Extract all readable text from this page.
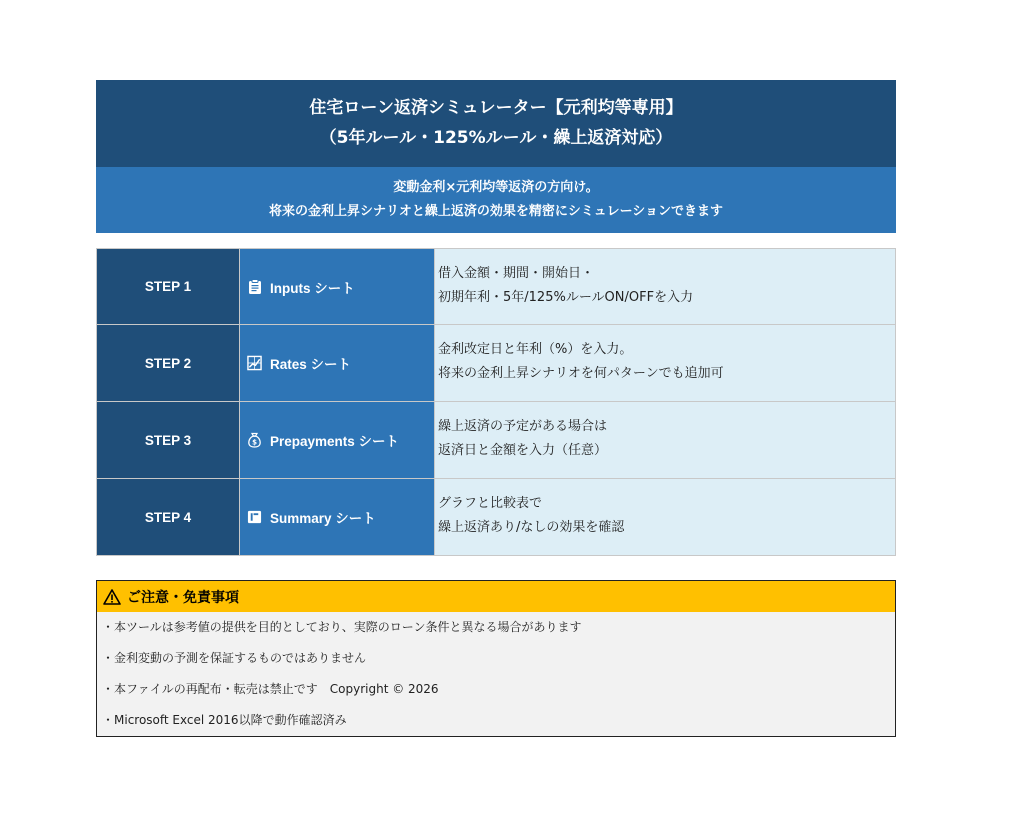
住宅ローン返済シミュレーター【元利均等専用】
（5年ルール・125%ルール・繰上返済対応）
変動金利×元利均等返済の方向け。
将来の金利上昇シナリオと繰上返済の効果を精密にシミュレーションできます
STEP 1	Inputs シート
借入金額・期間・開始日・
初期年利・5年/125%ルールON/OFFを入力
STEP 2	Rates シート
金利改定日と年利（%）を入力。
将来の金利上昇シナリオを何パターンでも追加可
STEP 3	$ Prepayments シート
繰上返済の予定がある場合は
返済日と金額を入力（任意）
STEP 4	Summary シート
グラフと比較表で
繰上返済あり/なしの効果を確認
ご注意・免責事項
・本ツールは参考値の提供を目的としており、実際のローン条件と異なる場合があります
・金利変動の予測を保証するものではありません
・本ファイルの再配布・転売は禁止です　Copyright © 2026
・Microsoft Excel 2016以降で動作確認済み
